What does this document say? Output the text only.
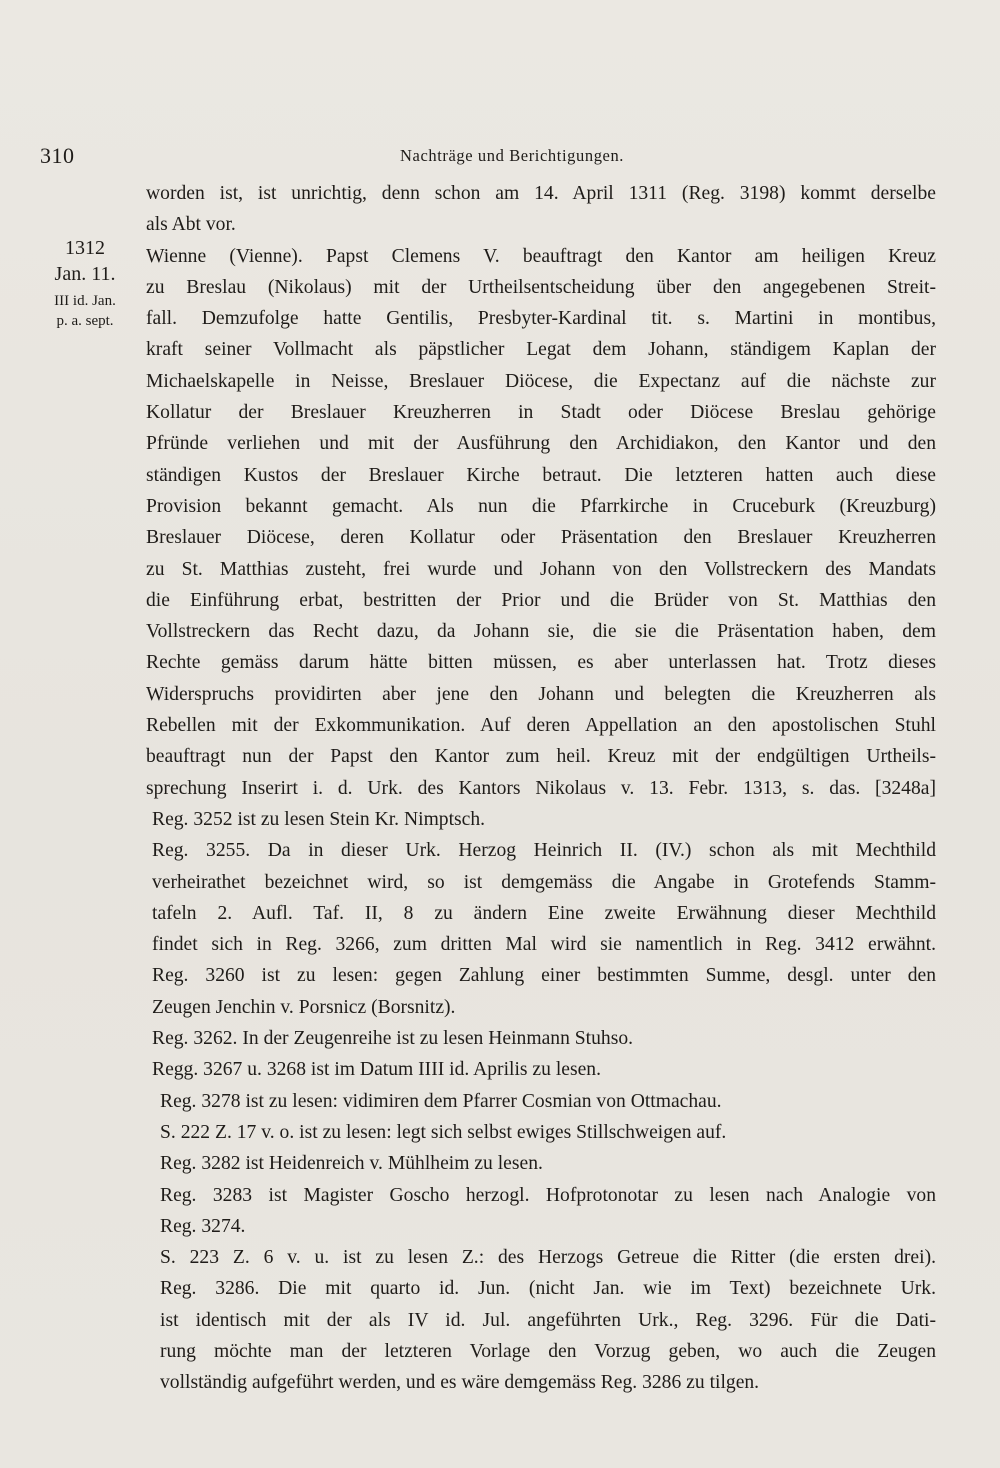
310	Nachträge und Berichtigungen.
1312
Jan. 11.
III id. Jan.
p. a. sept.
worden ist, ist unrichtig, denn schon am 14. April 1311 (Reg. 3198) kommt derselbe
als Abt vor.
Wienne (Vienne). Papst Clemens V. beauftragt den Kantor am heiligen Kreuz
zu Breslau (Nikolaus) mit der Urtheilsentscheidung über den angegebenen Streit-
fall. Demzufolge hatte Gentilis, Presbyter-Kardinal tit. s. Martini in montibus,
kraft seiner Vollmacht als päpstlicher Legat dem Johann, ständigem Kaplan der
Michaelskapelle in Neisse, Breslauer Diöcese, die Expectanz auf die nächste zur
Kollatur der Breslauer Kreuzherren in Stadt oder Diöcese Breslau gehörige
Pfründe verliehen und mit der Ausführung den Archidiakon, den Kantor und den
ständigen Kustos der Breslauer Kirche betraut. Die letzteren hatten auch diese
Provision bekannt gemacht. Als nun die Pfarrkirche in Cruceburk (Kreuzburg)
Breslauer Diöcese, deren Kollatur oder Präsentation den Breslauer Kreuzherren
zu St. Matthias zusteht, frei wurde und Johann von den Vollstreckern des Mandats
die Einführung erbat, bestritten der Prior und die Brüder von St. Matthias den
Vollstreckern das Recht dazu, da Johann sie, die sie die Präsentation haben, dem
Rechte gemäss darum hätte bitten müssen, es aber unterlassen hat. Trotz dieses
Widerspruchs providirten aber jene den Johann und belegten die Kreuzherren als
Rebellen mit der Exkommunikation. Auf deren Appellation an den apostolischen Stuhl
beauftragt nun der Papst den Kantor zum heil. Kreuz mit der endgültigen Urtheils-
sprechung Inserirt i. d. Urk. des Kantors Nikolaus v. 13. Febr. 1313, s. das. [3248a]
Reg. 3252 ist zu lesen Stein Kr. Nimptsch.
Reg. 3255. Da in dieser Urk. Herzog Heinrich II. (IV.) schon als mit Mechthild
verheirathet bezeichnet wird, so ist demgemäss die Angabe in Grotefends Stamm-
tafeln 2. Aufl. Taf. II, 8 zu ändern Eine zweite Erwähnung dieser Mechthild
findet sich in Reg. 3266, zum dritten Mal wird sie namentlich in Reg. 3412 erwähnt.
Reg. 3260 ist zu lesen: gegen Zahlung einer bestimmten Summe, desgl. unter den
Zeugen Jenchin v. Porsnicz (Borsnitz).
Reg. 3262. In der Zeugenreihe ist zu lesen Heinmann Stuhso.
Regg. 3267 u. 3268 ist im Datum IIII id. Aprilis zu lesen.
Reg. 3278 ist zu lesen: vidimiren dem Pfarrer Cosmian von Ottmachau.
S. 222 Z. 17 v. o. ist zu lesen: legt sich selbst ewiges Stillschweigen auf.
Reg. 3282 ist Heidenreich v. Mühlheim zu lesen.
Reg. 3283 ist Magister Goscho herzogl. Hofprotonotar zu lesen nach Analogie von
Reg. 3274.
S. 223 Z. 6 v. u. ist zu lesen Z.: des Herzogs Getreue die Ritter (die ersten drei).
Reg. 3286. Die mit quarto id. Jun. (nicht Jan. wie im Text) bezeichnete Urk.
ist identisch mit der als IV id. Jul. angeführten Urk., Reg. 3296. Für die Dati-
rung möchte man der letzteren Vorlage den Vorzug geben, wo auch die Zeugen
vollständig aufgeführt werden, und es wäre demgemäss Reg. 3286 zu tilgen.
